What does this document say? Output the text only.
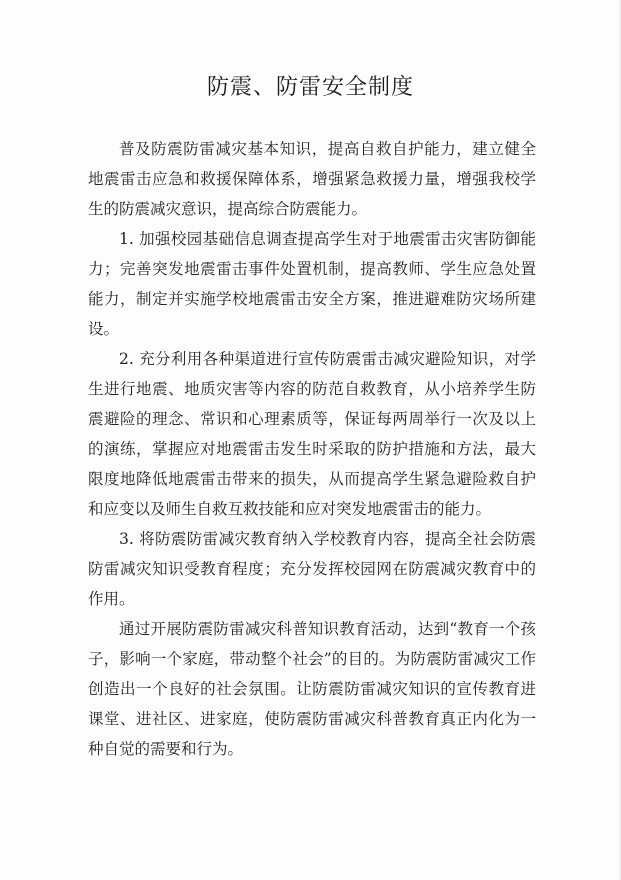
防震、防雷安全制度

普及防震防雷减灾基本知识，提高自救自护能力，建立健全地震雷击应急和救援保障体系，增强紧急救援力量，增强我校学生的防震减灾意识，提高综合防震能力。

1. 加强校园基础信息调查提高学生对于地震雷击灾害防御能力；完善突发地震雷击事件处置机制，提高教师、学生应急处置能力，制定并实施学校地震雷击安全方案，推进避难防灾场所建设。

2. 充分利用各种渠道进行宣传防震雷击减灾避险知识，对学生进行地震、地质灾害等内容的防范自救教育，从小培养学生防震避险的理念、常识和心理素质等，保证每两周举行一次及以上的演练，掌握应对地震雷击发生时采取的防护措施和方法，最大限度地降低地震雷击带来的损失，从而提高学生紧急避险救自护和应变以及师生自救互救技能和应对突发地震雷击的能力。

3. 将防震防雷减灾教育纳入学校教育内容，提高全社会防震防雷减灾知识受教育程度；充分发挥校园网在防震减灾教育中的作用。

通过开展防震防雷减灾科普知识教育活动，达到“教育一个孩子，影响一个家庭，带动整个社会”的目的。为防震防雷减灾工作创造出一个良好的社会氛围。让防震防雷减灾知识的宣传教育进课堂、进社区、进家庭，使防震防雷减灾科普教育真正内化为一种自觉的需要和行为。
